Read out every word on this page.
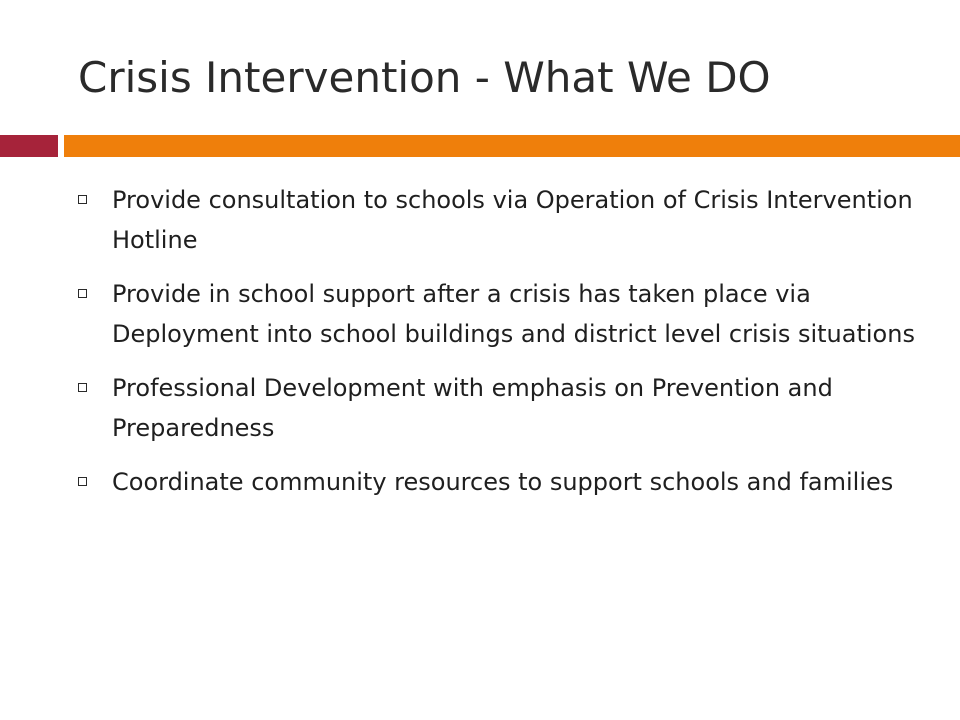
Crisis Intervention - What We DO
Provide consultation to schools via Operation of Crisis Intervention Hotline
Provide in school support after a crisis has taken place via Deployment into school buildings and district level crisis situations
Professional Development with emphasis on Prevention and Preparedness
Coordinate community resources to support schools and families
